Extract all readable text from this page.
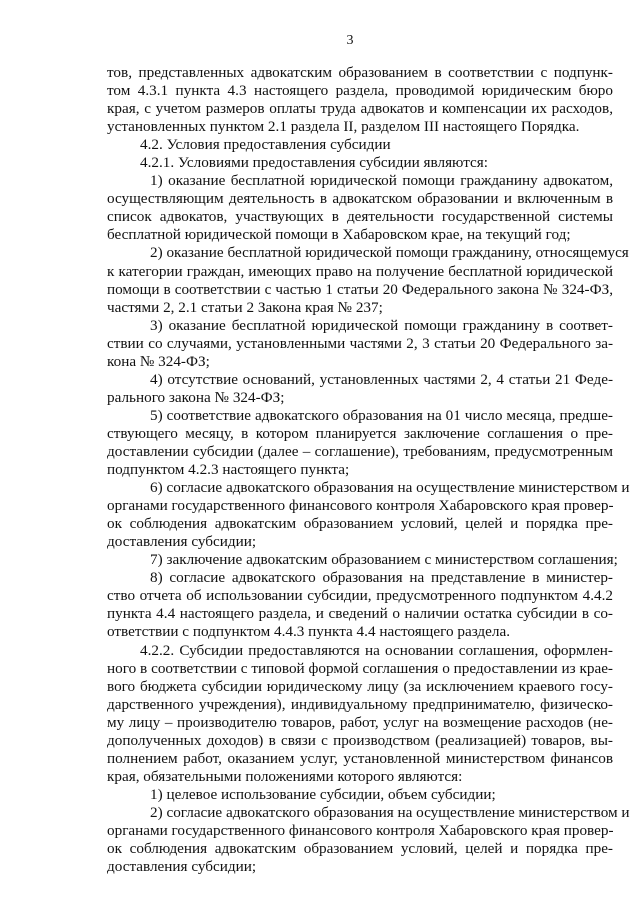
3
тов, представленных адвокатским образованием в соответствии с подпунк-
том 4.3.1 пункта 4.3 настоящего раздела, проводимой юридическим бюро
края, с учетом размеров оплаты труда адвокатов и компенсации их расходов,
установленных пунктом 2.1 раздела II, разделом III настоящего Порядка.
4.2. Условия предоставления субсидии
4.2.1. Условиями предоставления субсидии являются:
1) оказание бесплатной юридической помощи гражданину адвокатом,
осуществляющим деятельность в адвокатском образовании и включенным в
список адвокатов, участвующих в деятельности государственной системы
бесплатной юридической помощи в Хабаровском крае, на текущий год;
2) оказание бесплатной юридической помощи гражданину, относящемуся
к категории граждан, имеющих право на получение бесплатной юридической
помощи в соответствии с частью 1 статьи 20 Федерального закона № 324-ФЗ,
частями 2, 2.1 статьи 2 Закона края № 237;
3) оказание бесплатной юридической помощи гражданину в соответ-
ствии со случаями, установленными частями 2, 3 статьи 20 Федерального за-
кона № 324-ФЗ;
4) отсутствие оснований, установленных частями 2, 4 статьи 21 Феде-
рального закона № 324-ФЗ;
5) соответствие адвокатского образования на 01 число месяца, предше-
ствующего месяцу, в котором планируется заключение соглашения о пре-
доставлении субсидии (далее – соглашение), требованиям, предусмотренным
подпунктом 4.2.3 настоящего пункта;
6) согласие адвокатского образования на осуществление министерством и
органами государственного финансового контроля Хабаровского края провер-
ок соблюдения адвокатским образованием условий, целей и порядка пре-
доставления субсидии;
7) заключение адвокатским образованием с министерством соглашения;
8) согласие адвокатского образования на представление в министер-
ство отчета об использовании субсидии, предусмотренного подпунктом 4.4.2
пункта 4.4 настоящего раздела, и сведений о наличии остатка субсидии в со-
ответствии с подпунктом 4.4.3 пункта 4.4 настоящего раздела.
4.2.2. Субсидии предоставляются на основании соглашения, оформлен-
ного в соответствии с типовой формой соглашения о предоставлении из крае-
вого бюджета субсидии юридическому лицу (за исключением краевого госу-
дарственного учреждения), индивидуальному предпринимателю, физическо-
му лицу – производителю товаров, работ, услуг на возмещение расходов (не-
дополученных доходов) в связи с производством (реализацией) товаров, вы-
полнением работ, оказанием услуг, установленной министерством финансов
края, обязательными положениями которого являются:
1) целевое использование субсидии, объем субсидии;
2) согласие адвокатского образования на осуществление министерством и
органами государственного финансового контроля Хабаровского края провер-
ок соблюдения адвокатским образованием условий, целей и порядка пре-
доставления субсидии;
